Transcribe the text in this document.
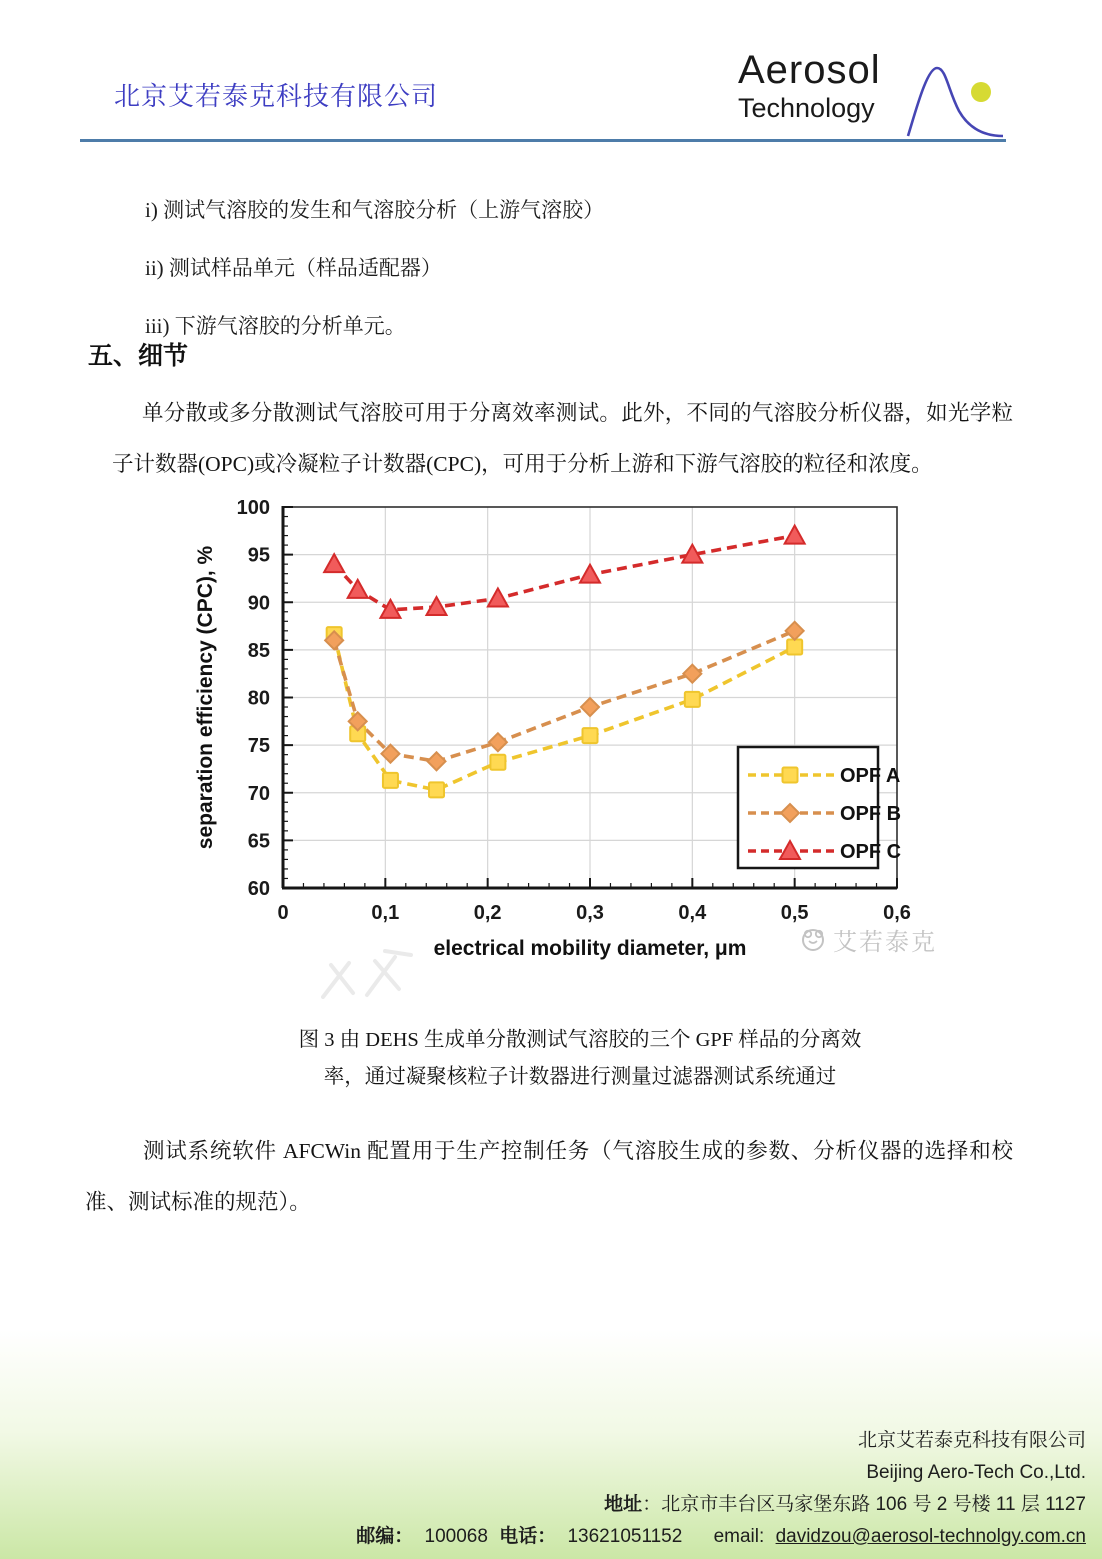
北京艾若泰克科技有限公司
Aerosol
Technology
i) 测试气溶胶的发生和气溶胶分析（上游气溶胶）
ii) 测试样品单元（样品适配器）
iii) 下游气溶胶的分析单元。
五、细节
单分散或多分散测试气溶胶可用于分离效率测试。此外，不同的气溶胶分析仪器，如光学粒子计数器(OPC)或冷凝粒子计数器(CPC)，可用于分析上游和下游气溶胶的粒径和浓度。
0	0,1	0,2	0,3	0,4	0,5	0,6
60
65
70
75
80
85
90
95
100
electrical mobility diameter, μm
separation efficiency (CPC), %	OPF A
OPF B
OPF C
艾若泰克
图 3 由 DEHS 生成单分散测试气溶胶的三个 GPF 样品的分离效
率，通过凝聚核粒子计数器进行测量过滤器测试系统通过
测试系统软件 AFCWin 配置用于生产控制任务（气溶胶生成的参数、分析仪器的选择和校准、测试标准的规范）。
北京艾若泰克科技有限公司
Beijing Aero-Tech Co.,Ltd.
地址：北京市丰台区马家堡东路 106 号 2 号楼 11 层 1127
邮编： 100068 电话： 13621051152 email: davidzou@aerosol-technolgy.com.cn
